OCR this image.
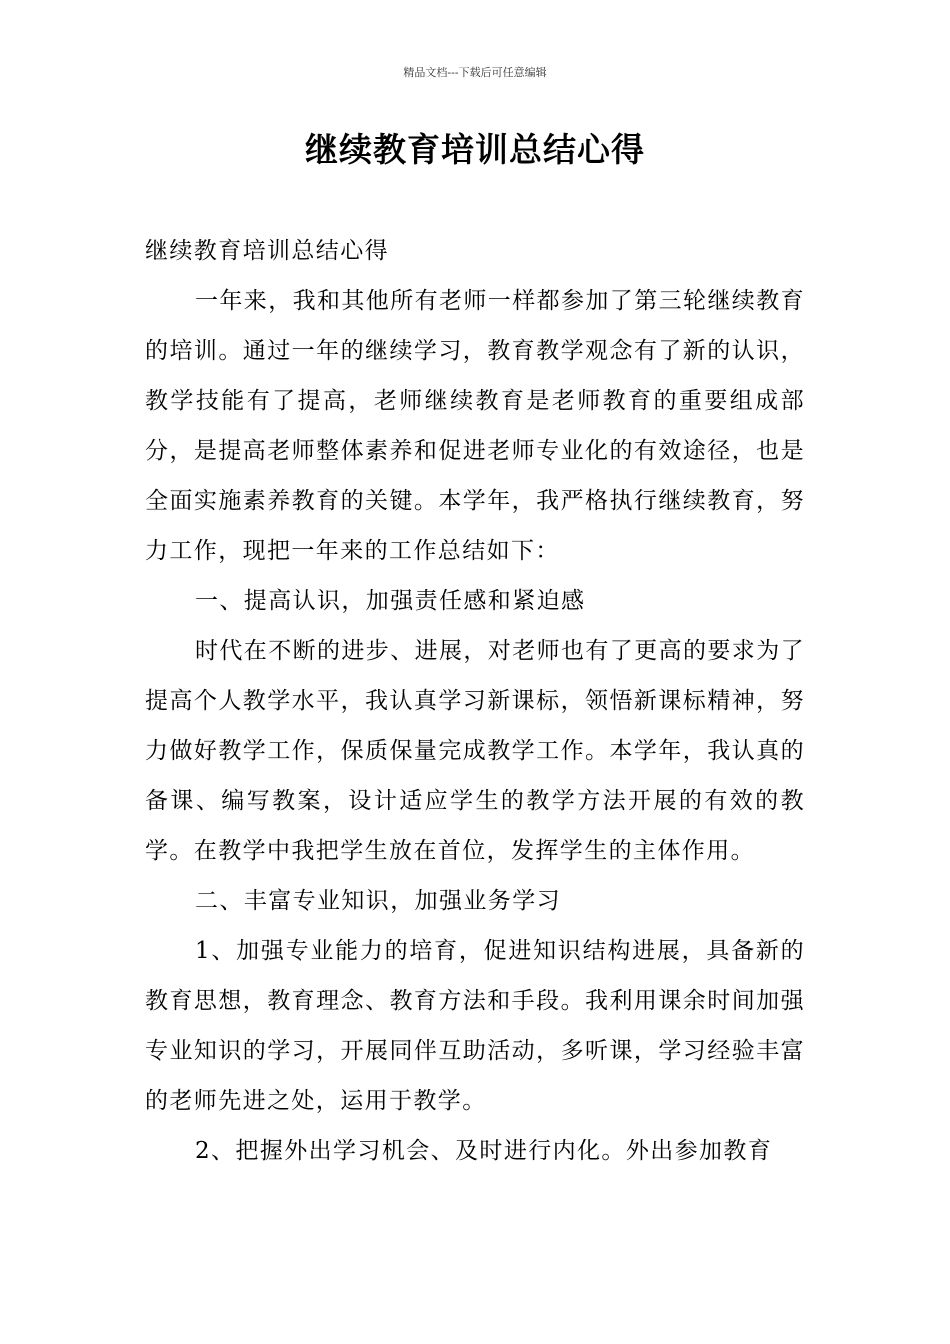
精品文档---下载后可任意编辑
继续教育培训总结心得

继续教育培训总结心得

一年来，我和其他所有老师一样都参加了第三轮继续教育的培训。通过一年的继续学习，教育教学观念有了新的认识，教学技能有了提高，老师继续教育是老师教育的重要组成部分，是提高老师整体素养和促进老师专业化的有效途径，也是全面实施素养教育的关键。本学年，我严格执行继续教育，努力工作，现把一年来的工作总结如下：

一、提高认识，加强责任感和紧迫感

时代在不断的进步、进展，对老师也有了更高的要求为了提高个人教学水平，我认真学习新课标，领悟新课标精神，努力做好教学工作，保质保量完成教学工作。本学年，我认真的备课、编写教案，设计适应学生的教学方法开展的有效的教学。在教学中我把学生放在首位，发挥学生的主体作用。

二、丰富专业知识，加强业务学习

1、加强专业能力的培育，促进知识结构进展，具备新的教育思想，教育理念、教育方法和手段。我利用课余时间加强专业知识的学习，开展同伴互助活动，多听课，学习经验丰富的老师先进之处，运用于教学。

2、把握外出学习机会、及时进行内化。外出参加教育
